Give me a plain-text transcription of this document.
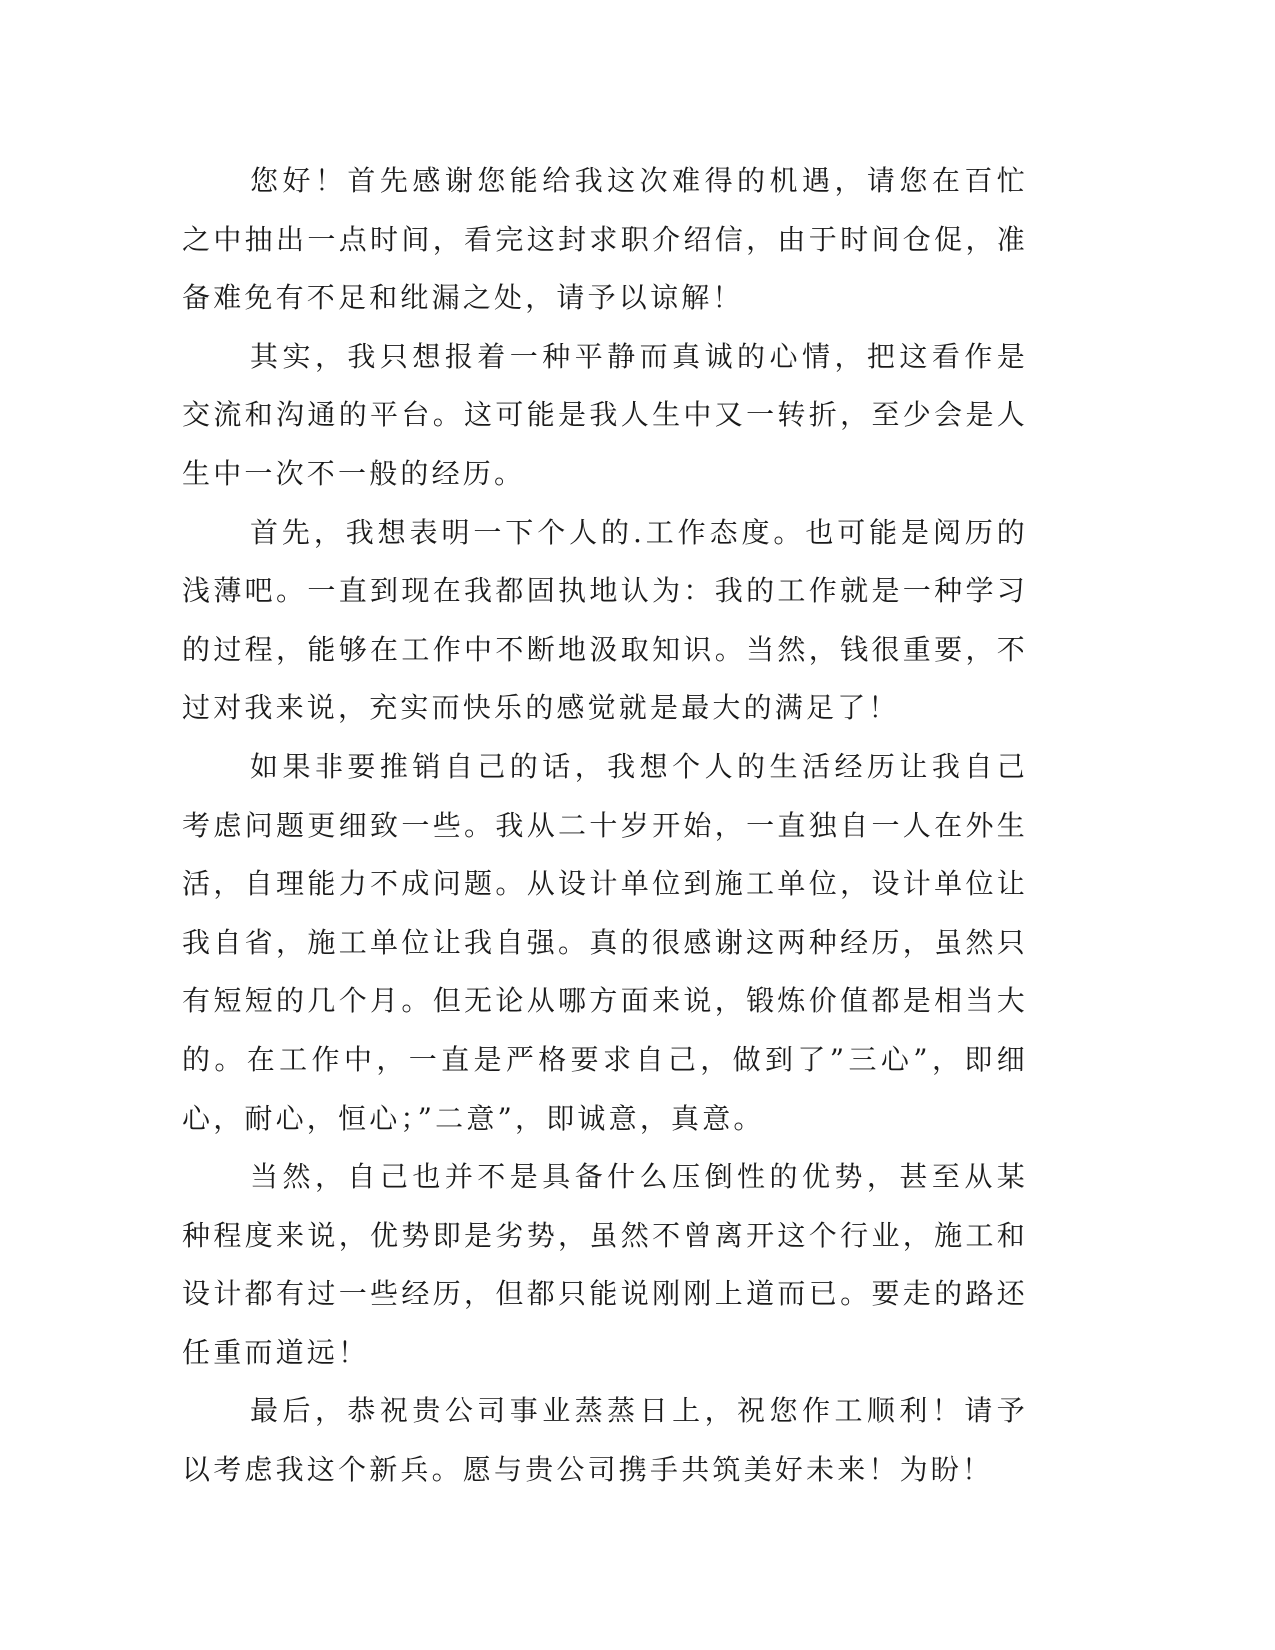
您好！首先感谢您能给我这次难得的机遇，请您在百忙之中抽出一点时间，看完这封求职介绍信，由于时间仓促，准备难免有不足和纰漏之处，请予以谅解！

其实，我只想报着一种平静而真诚的心情，把这看作是交流和沟通的平台。这可能是我人生中又一转折，至少会是人生中一次不一般的经历。

首先，我想表明一下个人的.工作态度。也可能是阅历的浅薄吧。一直到现在我都固执地认为：我的工作就是一种学习的过程，能够在工作中不断地汲取知识。当然，钱很重要，不过对我来说，充实而快乐的感觉就是最大的满足了！

如果非要推销自己的话，我想个人的生活经历让我自己考虑问题更细致一些。我从二十岁开始，一直独自一人在外生活，自理能力不成问题。从设计单位到施工单位，设计单位让我自省，施工单位让我自强。真的很感谢这两种经历，虽然只有短短的几个月。但无论从哪方面来说，锻炼价值都是相当大的。在工作中，一直是严格要求自己，做到了”三心”，即细心，耐心，恒心；”二意”，即诚意，真意。

当然，自己也并不是具备什么压倒性的优势，甚至从某种程度来说，优势即是劣势，虽然不曾离开这个行业，施工和设计都有过一些经历，但都只能说刚刚上道而已。要走的路还任重而道远！

最后，恭祝贵公司事业蒸蒸日上，祝您作工顺利！请予以考虑我这个新兵。愿与贵公司携手共筑美好未来！为盼！
